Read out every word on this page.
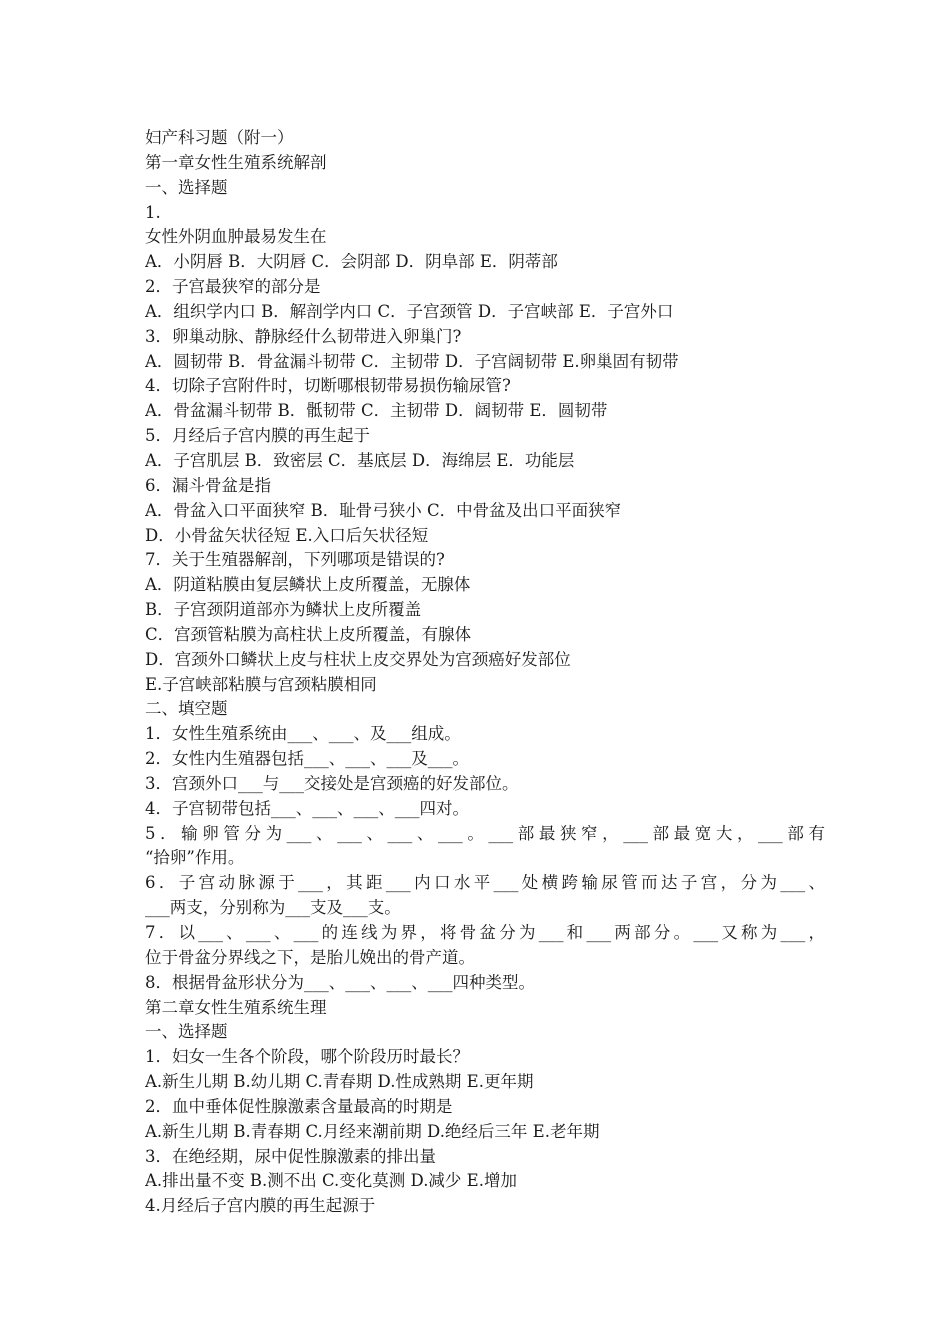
妇产科习题（附一）
第一章女性生殖系统解剖
一、选择题
1.
女性外阴血肿最易发生在
A．小阴唇 B．大阴唇 C．会阴部 D．阴阜部 E．阴蒂部
2．子宫最狭窄的部分是
A．组织学内口 B．解剖学内口 C．子宫颈管 D．子宫峡部 E．子宫外口
3．卵巢动脉、静脉经什么韧带进入卵巢门?
A．圆韧带 B．骨盆漏斗韧带 C．主韧带 D．子宫阔韧带 E.卵巢固有韧带
4．切除子宫附件时，切断哪根韧带易损伤输尿管?
A．骨盆漏斗韧带 B．骶韧带 C．主韧带 D．阔韧带 E．圆韧带
5．月经后子宫内膜的再生起于
A．子宫肌层 B．致密层 C．基底层 D．海绵层 E．功能层
6．漏斗骨盆是指
A．骨盆入口平面狭窄 B．耻骨弓狭小 C．中骨盆及出口平面狭窄
D．小骨盆矢状径短 E.入口后矢状径短
7．关于生殖器解剖，下列哪项是错误的?
A．阴道粘膜由复层鳞状上皮所覆盖，无腺体
B．子宫颈阴道部亦为鳞状上皮所覆盖
C．宫颈管粘膜为高柱状上皮所覆盖，有腺体
D．宫颈外口鳞状上皮与柱状上皮交界处为宫颈癌好发部位
E.子宫峡部粘膜与宫颈粘膜相同
二、填空题
1．女性生殖系统由___、___、及___组成。
2．女性内生殖器包括___、___、___及___。
3．宫颈外口___与___交接处是宫颈癌的好发部位。
4．子宫韧带包括___、___、___、___四对。
5．输卵管分为___、___、___、___。___部最狭窄，___部最宽大，___部有
“拾卵”作用。
6．子宫动脉源于___，其距___内口水平___处横跨输尿管而达子宫，分为___、
___两支，分别称为___支及___支。
7．以___、___、___的连线为界，将骨盆分为___和___两部分。___又称为___，
位于骨盆分界线之下，是胎儿娩出的骨产道。
8．根据骨盆形状分为___、___、___、___四种类型。
第二章女性生殖系统生理
一、选择题
1．妇女一生各个阶段，哪个阶段历时最长？
A.新生儿期 B.幼儿期 C.青春期 D.性成熟期 E.更年期
2．血中垂体促性腺激素含量最高的时期是
A.新生儿期 B.青春期 C.月经来潮前期 D.绝经后三年 E.老年期
3．在绝经期，尿中促性腺激素的排出量
A.排出量不变 B.测不出 C.变化莫测 D.减少 E.增加
4.月经后子宫内膜的再生起源于
